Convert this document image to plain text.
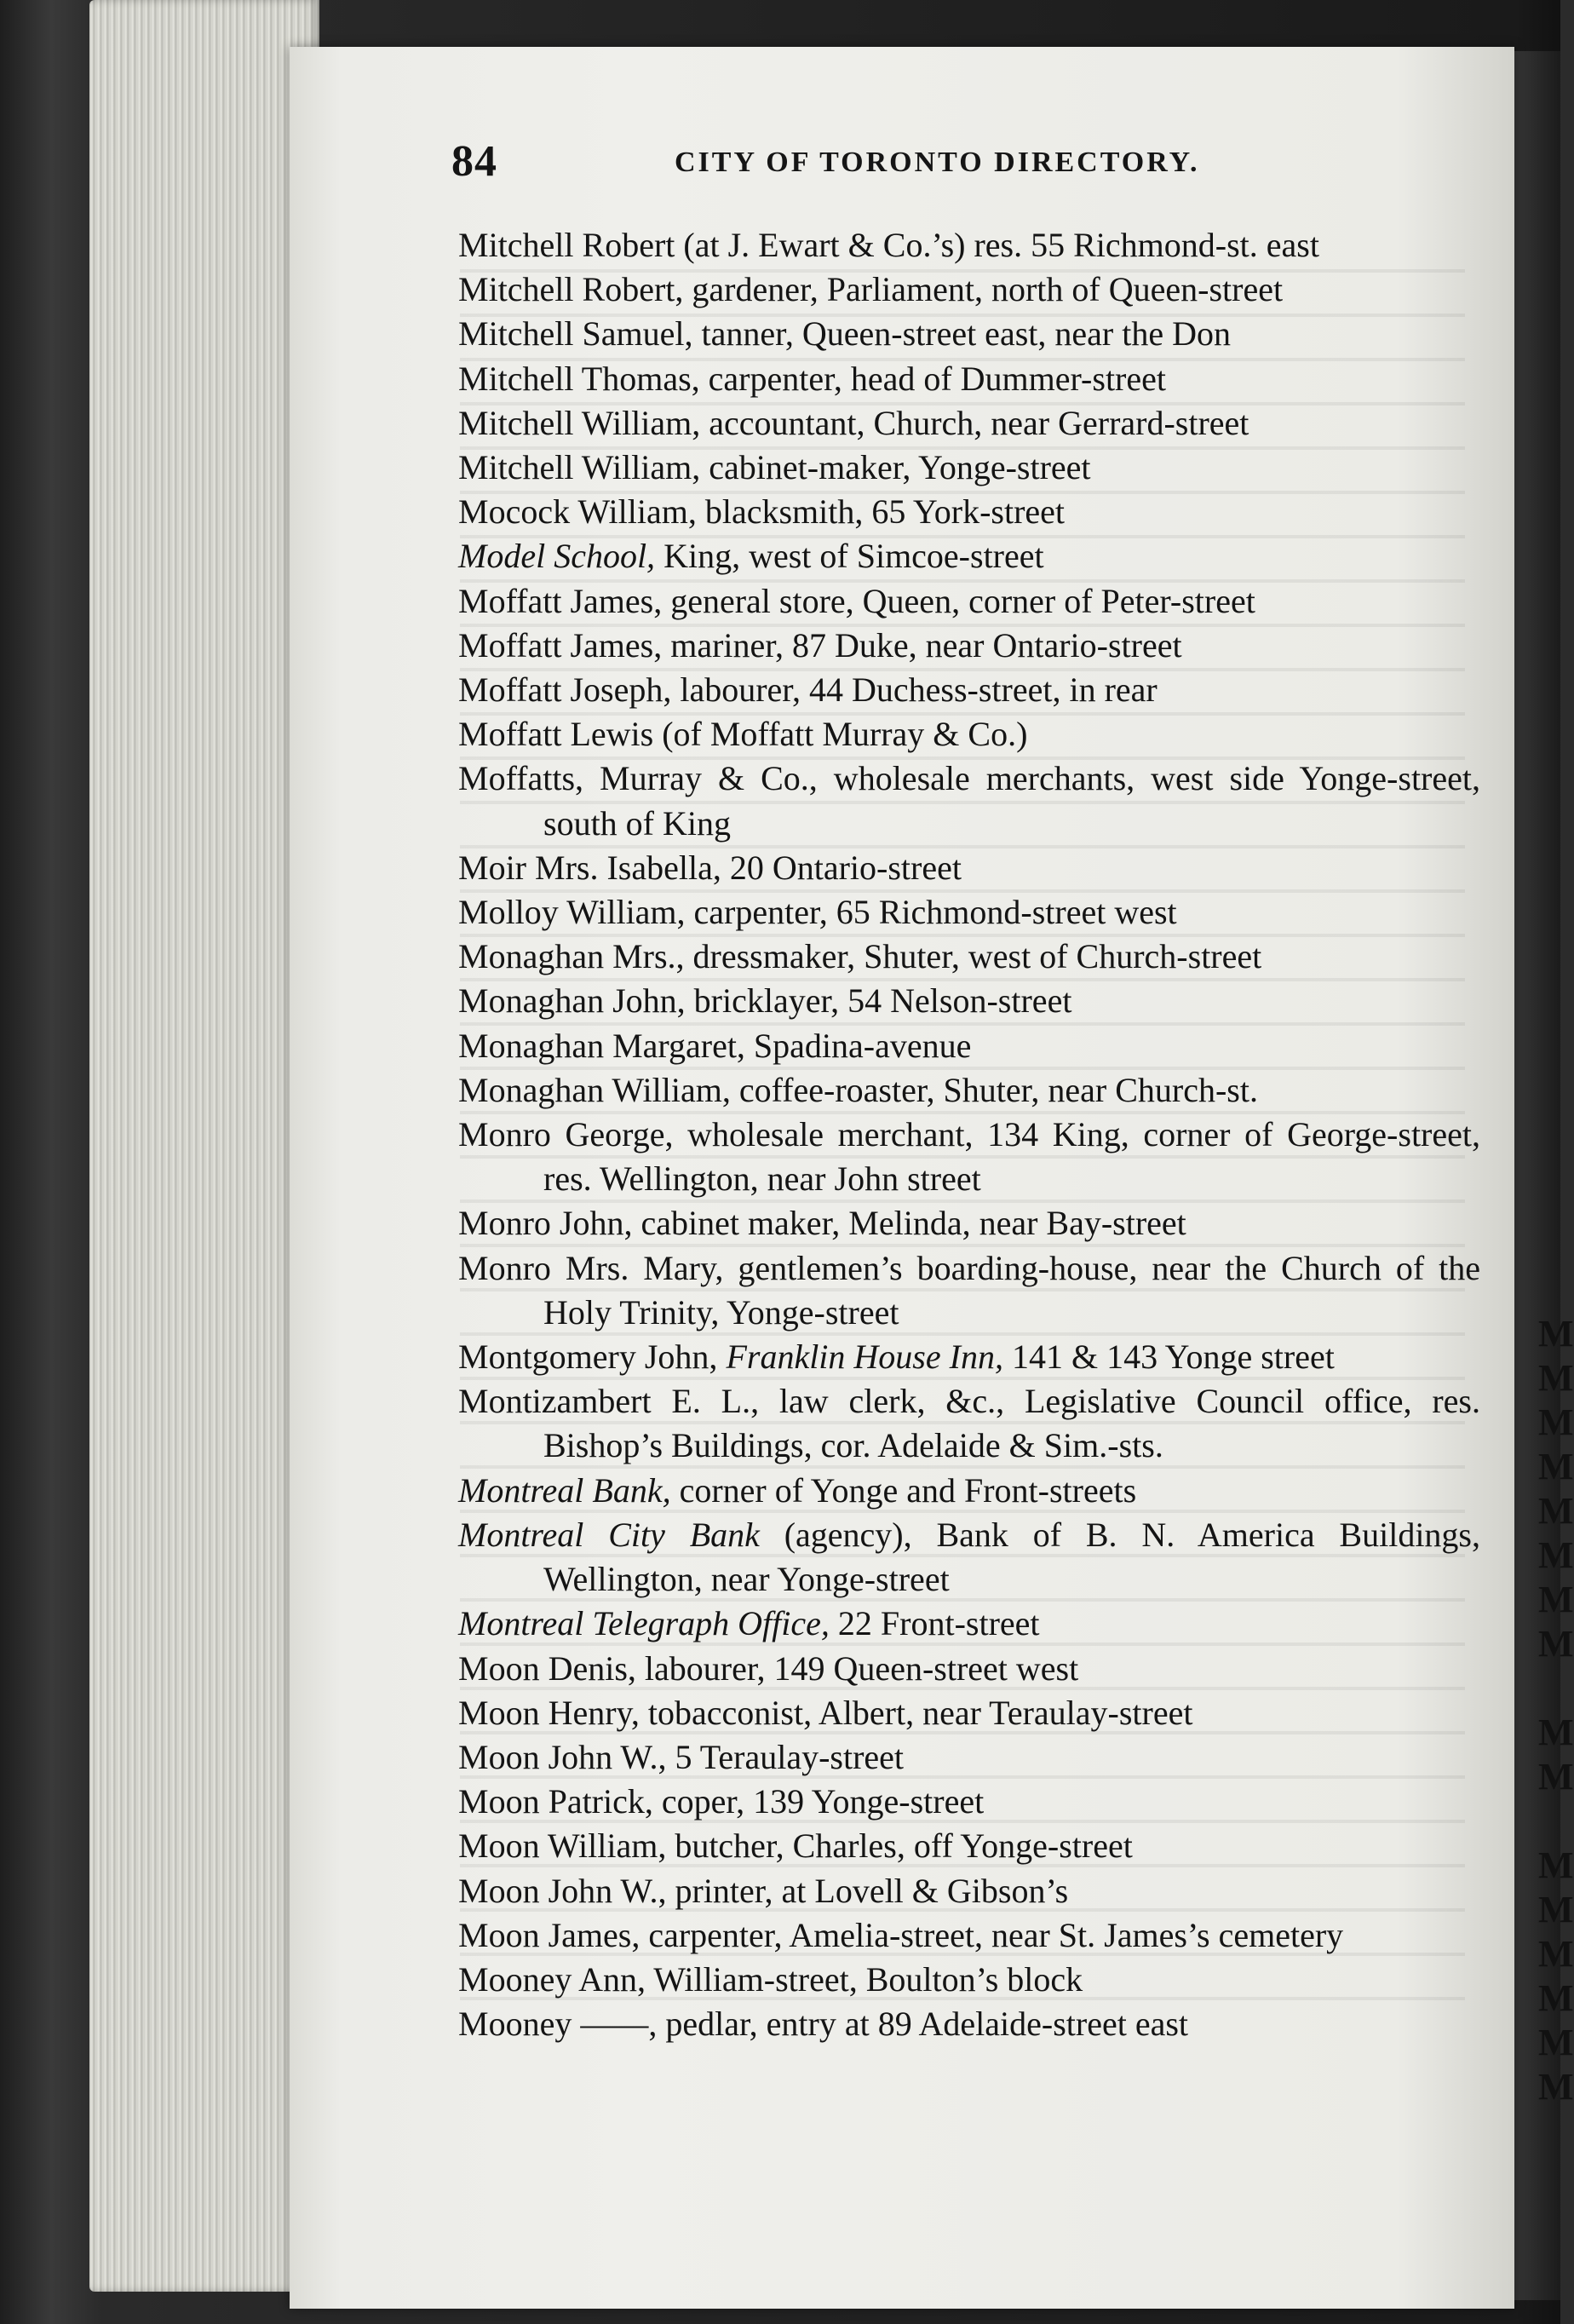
84	CITY OF TORONTO DIRECTORY.

Mitchell Robert (at J. Ewart & Co.’s) res. 55 Richmond-st. east

Mitchell Robert, gardener, Parliament, north of Queen-street

Mitchell Samuel, tanner, Queen-street east, near the Don

Mitchell Thomas, carpenter, head of Dummer-street

Mitchell William, accountant, Church, near Gerrard-street

Mitchell William, cabinet-maker, Yonge-street

Mocock William, blacksmith, 65 York-street

Model School, King, west of Simcoe-street

Moffatt James, general store, Queen, corner of Peter-street

Moffatt James, mariner, 87 Duke, near Ontario-street

Moffatt Joseph, labourer, 44 Duchess-street, in rear

Moffatt Lewis (of Moffatt Murray & Co.)

Moffatts, Murray & Co., wholesale merchants, west side Yonge-street, south of King

Moir Mrs. Isabella, 20 Ontario-street

Molloy William, carpenter, 65 Richmond-street west

Monaghan Mrs., dressmaker, Shuter, west of Church-street

Monaghan John, bricklayer, 54 Nelson-street

Monaghan Margaret, Spadina-avenue

Monaghan William, coffee-roaster, Shuter, near Church-st.

Monro George, wholesale merchant, 134 King, corner of George-street, res. Wellington, near John street

Monro John, cabinet maker, Melinda, near Bay-street

Monro Mrs. Mary, gentlemen’s boarding-house, near the Church of the Holy Trinity, Yonge-street

Montgomery John, Franklin House Inn, 141 & 143 Yonge street

Montizambert E. L., law clerk, &c., Legislative Council office, res. Bishop’s Buildings, cor. Adelaide & Sim.-sts.

Montreal Bank, corner of Yonge and Front-streets

Montreal City Bank (agency), Bank of B. N. America Buildings, Wellington, near Yonge-street

Montreal Telegraph Office, 22 Front-street

Moon Denis, labourer, 149 Queen-street west

Moon Henry, tobacconist, Albert, near Teraulay-street

Moon John W., 5 Teraulay-street

Moon Patrick, coper, 139 Yonge-street

Moon William, butcher, Charles, off Yonge-street

Moon John W., printer, at Lovell & Gibson’s

Moon James, carpenter, Amelia-street, near St. James’s cemetery

Mooney Ann, William-street, Boulton’s block

Mooney ——, pedlar, entry at 89 Adelaide-street east

M
M
M
M
M
M
M
M
M
M
M
M
M
M
M
M
